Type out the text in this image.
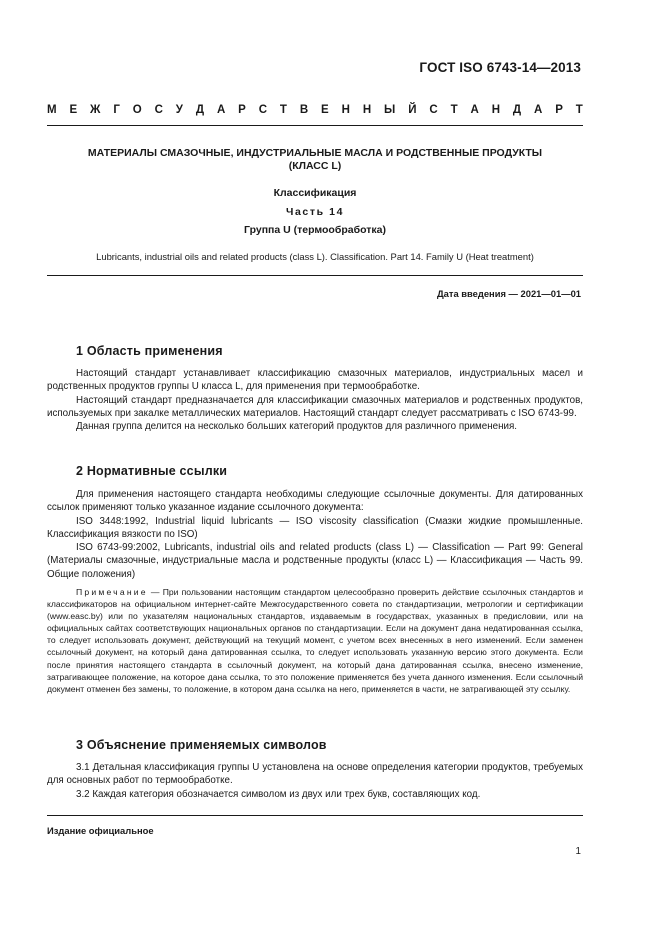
ГОСТ ISO 6743-14—2013
М Е Ж Г О С У Д А Р С Т В Е Н Н Ы Й С Т А Н Д А Р Т
МАТЕРИАЛЫ СМАЗОЧНЫЕ, ИНДУСТРИАЛЬНЫЕ МАСЛА И РОДСТВЕННЫЕ ПРОДУКТЫ
(КЛАСС L)
Классификация
Часть 14
Группа U (термообработка)
Lubricants, industrial oils and related products (class L). Classification. Part 14. Family U (Heat treatment)
Дата введения — 2021—01—01
1 Область применения

Настоящий стандарт устанавливает классификацию смазочных материалов, индустриальных масел и родственных продуктов группы U класса L, для применения при термообработке.

Настоящий стандарт предназначается для классификации смазочных материалов и родственных продуктов, используемых при закалке металлических материалов. Настоящий стандарт следует рассматривать с ISO 6743-99.

Данная группа делится на несколько больших категорий продуктов для различного применения.

2 Нормативные ссылки

Для применения настоящего стандарта необходимы следующие ссылочные документы. Для датированных ссылок применяют только указанное издание ссылочного документа:

ISO 3448:1992, Industrial liquid lubricants — ISO viscosity classification (Смазки жидкие промышленные. Классификация вязкости по ISO)

ISO 6743-99:2002, Lubricants, industrial oils and related products (class L) — Classification — Part 99: General (Материалы смазочные, индустриальные масла и родственные продукты (класс L) — Классификация — Часть 99. Общие положения)

Примечание — При пользовании настоящим стандартом целесообразно проверить действие ссылочных стандартов и классификаторов на официальном интернет-сайте Межгосударственного совета по стандартизации, метрологии и сертификации (www.easc.by) или по указателям национальных стандартов, издаваемым в государствах, указанных в предисловии, или на официальных сайтах соответствующих национальных органов по стандартизации. Если на документ дана недатированная ссылка, то следует использовать документ, действующий на текущий момент, с учетом всех внесенных в него изменений. Если заменен ссылочный документ, на который дана датированная ссылка, то следует использовать указанную версию этого документа. Если после принятия настоящего стандарта в ссылочный документ, на который дана датированная ссылка, внесено изменение, затрагивающее положение, на которое дана ссылка, то это положение применяется без учета данного изменения. Если ссылочный документ отменен без замены, то положение, в котором дана ссылка на него, применяется в части, не затрагивающей эту ссылку.

3 Объяснение применяемых символов

3.1 Детальная классификация группы U установлена на основе определения категории продуктов, требуемых для основных работ по термообработке.

3.2 Каждая категория обозначается символом из двух или трех букв, составляющих код.

Издание официальное
1
